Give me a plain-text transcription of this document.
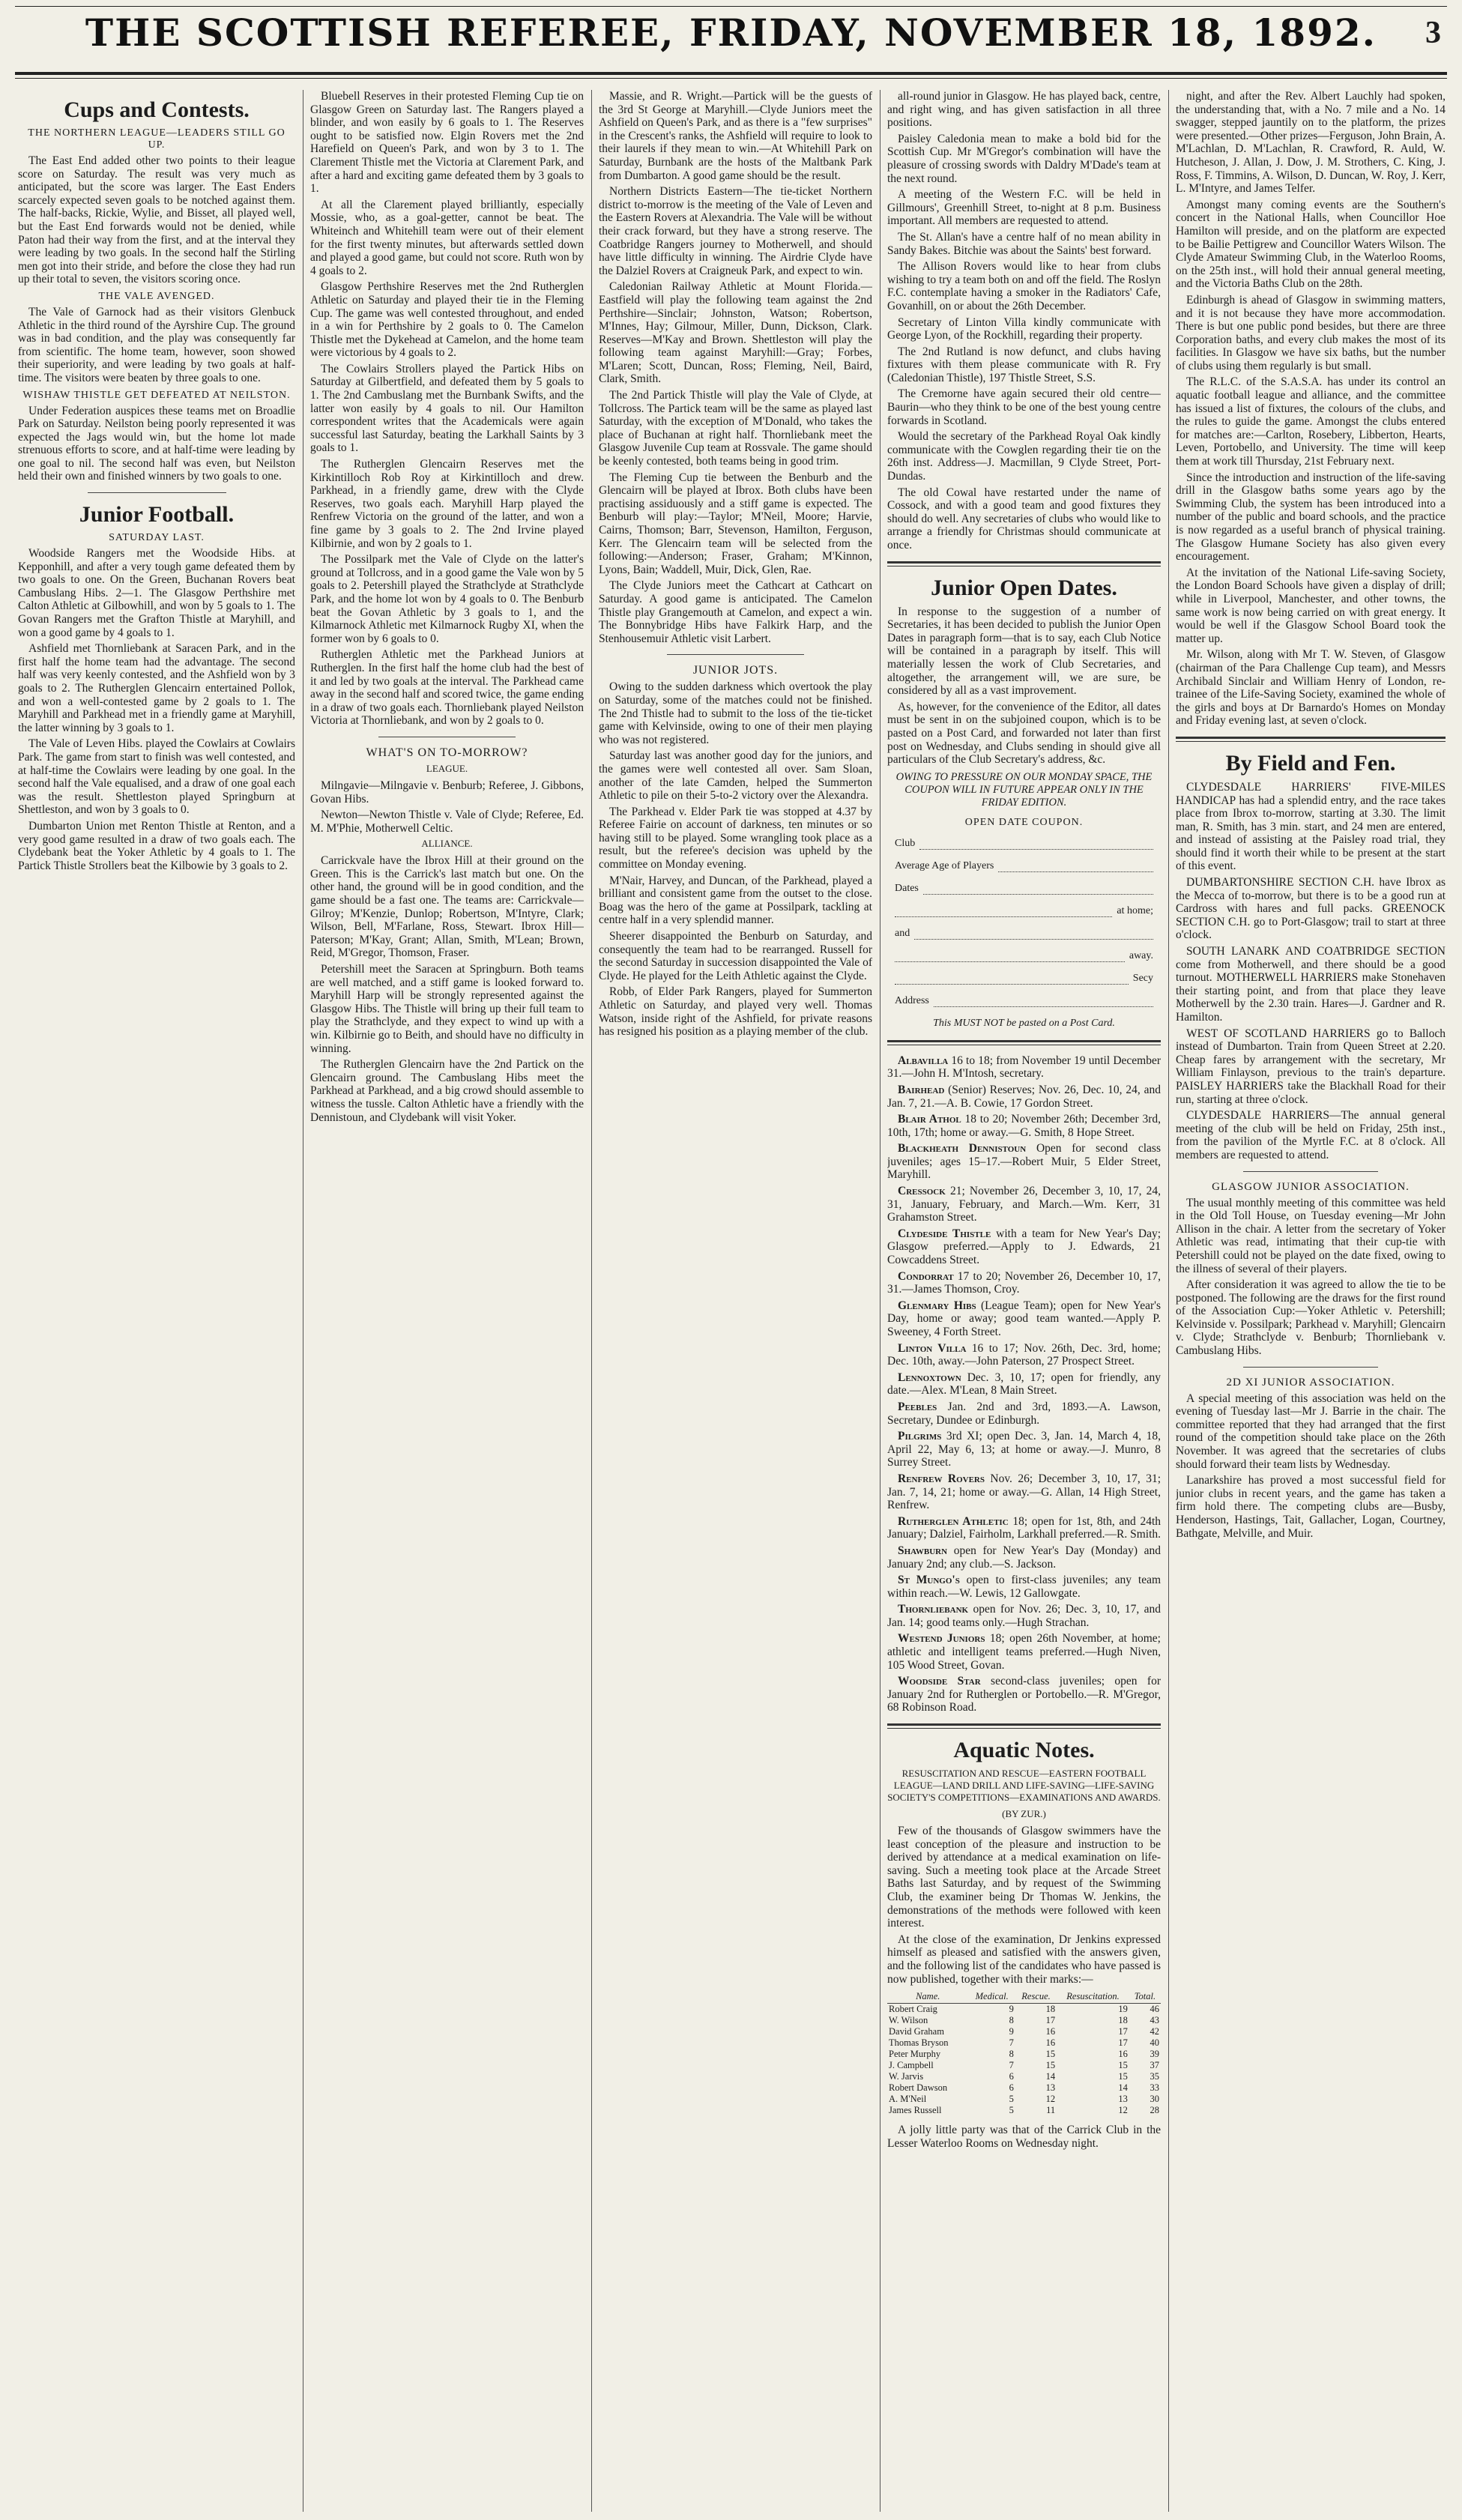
THE SCOTTISH REFEREE, FRIDAY, NOVEMBER 18, 1892.	3
Cups and Contests.
THE NORTHERN LEAGUE—LEADERS STILL GO UP.

The East End added other two points to their league score on Saturday. The result was very much as anticipated, but the score was larger. The East Enders scarcely expected seven goals to be notched against them. The half-backs, Rickie, Wylie, and Bisset, all played well, but the East End forwards would not be denied, while Paton had their way from the first, and at the interval they were leading by two goals. In the second half the Stirling men got into their stride, and before the close they had run up their total to seven, the visitors scoring once.

THE VALE AVENGED.

The Vale of Garnock had as their visitors Glenbuck Athletic in the third round of the Ayrshire Cup. The ground was in bad condition, and the play was consequently far from scientific. The home team, however, soon showed their superiority, and were leading by two goals at half-time. The visitors were beaten by three goals to one.

WISHAW THISTLE GET DEFEATED AT NEILSTON.

Under Federation auspices these teams met on Broadlie Park on Saturday. Neilston being poorly represented it was expected the Jags would win, but the home lot made strenuous efforts to score, and at half-time were leading by one goal to nil. The second half was even, but Neilston held their own and finished winners by two goals to one.

Junior Football.
SATURDAY LAST.

Woodside Rangers met the Woodside Hibs. at Kepponhill, and after a very tough game defeated them by two goals to one. On the Green, Buchanan Rovers beat Cambuslang Hibs. 2—1. The Glasgow Perthshire met Calton Athletic at Gilbowhill, and won by 5 goals to 1. The Govan Rangers met the Grafton Thistle at Maryhill, and won a good game by 4 goals to 1.

Ashfield met Thornliebank at Saracen Park, and in the first half the home team had the advantage. The second half was very keenly contested, and the Ashfield won by 3 goals to 2. The Rutherglen Glencairn entertained Pollok, and won a well-contested game by 2 goals to 1. The Maryhill and Parkhead met in a friendly game at Maryhill, the latter winning by 3 goals to 1.

The Vale of Leven Hibs. played the Cowlairs at Cowlairs Park. The game from start to finish was well contested, and at half-time the Cowlairs were leading by one goal. In the second half the Vale equalised, and a draw of one goal each was the result. Shettleston played Springburn at Shettleston, and won by 3 goals to 0.

Dumbarton Union met Renton Thistle at Renton, and a very good game resulted in a draw of two goals each. The Clydebank beat the Yoker Athletic by 4 goals to 1. The Partick Thistle Strollers beat the Kilbowie by 3 goals to 2.

Bluebell Reserves in their protested Fleming Cup tie on Glasgow Green on Saturday last. The Rangers played a blinder, and won easily by 6 goals to 1. The Reserves ought to be satisfied now. Elgin Rovers met the 2nd Harefield on Queen's Park, and won by 3 to 1. The Clarement Thistle met the Victoria at Clarement Park, and after a hard and exciting game defeated them by 3 goals to 1.

At all the Clarement played brilliantly, especially Mossie, who, as a goal-getter, cannot be beat. The Whiteinch and Whitehill team were out of their element for the first twenty minutes, but afterwards settled down and played a good game, but could not score. Ruth won by 4 goals to 2.

Glasgow Perthshire Reserves met the 2nd Rutherglen Athletic on Saturday and played their tie in the Fleming Cup. The game was well contested throughout, and ended in a win for Perthshire by 2 goals to 0. The Camelon Thistle met the Dykehead at Camelon, and the home team were victorious by 4 goals to 2.

The Cowlairs Strollers played the Partick Hibs on Saturday at Gilbertfield, and defeated them by 5 goals to 1. The 2nd Cambuslang met the Burnbank Swifts, and the latter won easily by 4 goals to nil. Our Hamilton correspondent writes that the Academicals were again successful last Saturday, beating the Larkhall Saints by 3 goals to 1.

The Rutherglen Glencairn Reserves met the Kirkintilloch Rob Roy at Kirkintilloch and drew. Parkhead, in a friendly game, drew with the Clyde Reserves, two goals each. Maryhill Harp played the Renfrew Victoria on the ground of the latter, and won a fine game by 3 goals to 2. The 2nd Irvine played Kilbirnie, and won by 2 goals to 1.

The Possilpark met the Vale of Clyde on the latter's ground at Tollcross, and in a good game the Vale won by 5 goals to 2. Petershill played the Strathclyde at Strathclyde Park, and the home lot won by 4 goals to 0. The Benburb beat the Govan Athletic by 3 goals to 1, and the Kilmarnock Athletic met Kilmarnock Rugby XI, when the former won by 6 goals to 0.

Rutherglen Athletic met the Parkhead Juniors at Rutherglen. In the first half the home club had the best of it and led by two goals at the interval. The Parkhead came away in the second half and scored twice, the game ending in a draw of two goals each. Thornliebank played Neilston Victoria at Thornliebank, and won by 2 goals to 0.

WHAT'S ON TO-MORROW?
LEAGUE.

Milngavie—Milngavie v. Benburb; Referee, J. Gibbons, Govan Hibs.

Newton—Newton Thistle v. Vale of Clyde; Referee, Ed. M. M'Phie, Motherwell Celtic.

ALLIANCE.

Carrickvale have the Ibrox Hill at their ground on the Green. This is the Carrick's last match but one. On the other hand, the ground will be in good condition, and the game should be a fast one. The teams are: Carrickvale—Gilroy; M'Kenzie, Dunlop; Robertson, M'Intyre, Clark; Wilson, Bell, M'Farlane, Ross, Stewart. Ibrox Hill—Paterson; M'Kay, Grant; Allan, Smith, M'Lean; Brown, Reid, M'Gregor, Thomson, Fraser.

Petershill meet the Saracen at Springburn. Both teams are well matched, and a stiff game is looked forward to. Maryhill Harp will be strongly represented against the Glasgow Hibs. The Thistle will bring up their full team to play the Strathclyde, and they expect to wind up with a win. Kilbirnie go to Beith, and should have no difficulty in winning.

The Rutherglen Glencairn have the 2nd Partick on the Glencairn ground. The Cambuslang Hibs meet the Parkhead at Parkhead, and a big crowd should assemble to witness the tussle. Calton Athletic have a friendly with the Dennistoun, and Clydebank will visit Yoker.

Massie, and R. Wright.—Partick will be the guests of the 3rd St George at Maryhill.—Clyde Juniors meet the Ashfield on Queen's Park, and as there is a "few surprises" in the Crescent's ranks, the Ashfield will require to look to their laurels if they mean to win.—At Whitehill Park on Saturday, Burnbank are the hosts of the Maltbank Park from Dumbarton. A good game should be the result.

Northern Districts Eastern—The tie-ticket Northern district to-morrow is the meeting of the Vale of Leven and the Eastern Rovers at Alexandria. The Vale will be without their crack forward, but they have a strong reserve. The Coatbridge Rangers journey to Motherwell, and should have little difficulty in winning. The Airdrie Clyde have the Dalziel Rovers at Craigneuk Park, and expect to win.

Caledonian Railway Athletic at Mount Florida.—Eastfield will play the following team against the 2nd Perthshire—Sinclair; Johnston, Watson; Robertson, M'Innes, Hay; Gilmour, Miller, Dunn, Dickson, Clark. Reserves—M'Kay and Brown. Shettleston will play the following team against Maryhill:—Gray; Forbes, M'Laren; Scott, Duncan, Ross; Fleming, Neil, Baird, Clark, Smith.

The 2nd Partick Thistle will play the Vale of Clyde, at Tollcross. The Partick team will be the same as played last Saturday, with the exception of M'Donald, who takes the place of Buchanan at right half. Thornliebank meet the Glasgow Juvenile Cup team at Rossvale. The game should be keenly contested, both teams being in good trim.

The Fleming Cup tie between the Benburb and the Glencairn will be played at Ibrox. Both clubs have been practising assiduously and a stiff game is expected. The Benburb will play:—Taylor; M'Neil, Moore; Harvie, Cairns, Thomson; Barr, Stevenson, Hamilton, Ferguson, Kerr. The Glencairn team will be selected from the following:—Anderson; Fraser, Graham; M'Kinnon, Lyons, Bain; Waddell, Muir, Dick, Glen, Rae.

The Clyde Juniors meet the Cathcart at Cathcart on Saturday. A good game is anticipated. The Camelon Thistle play Grangemouth at Camelon, and expect a win. The Bonnybridge Hibs have Falkirk Harp, and the Stenhousemuir Athletic visit Larbert.

JUNIOR JOTS.

Owing to the sudden darkness which overtook the play on Saturday, some of the matches could not be finished. The 2nd Thistle had to submit to the loss of the tie-ticket game with Kelvinside, owing to one of their men playing who was not registered.

Saturday last was another good day for the juniors, and the games were well contested all over. Sam Sloan, another of the late Camden, helped the Summerton Athletic to pile on their 5-to-2 victory over the Alexandra.

The Parkhead v. Elder Park tie was stopped at 4.37 by Referee Fairie on account of darkness, ten minutes or so having still to be played. Some wrangling took place as a result, but the referee's decision was upheld by the committee on Monday evening.

M'Nair, Harvey, and Duncan, of the Parkhead, played a brilliant and consistent game from the outset to the close. Boag was the hero of the game at Possilpark, tackling at centre half in a very splendid manner.

Sheerer disappointed the Benburb on Saturday, and consequently the team had to be rearranged. Russell for the second Saturday in succession disappointed the Vale of Clyde. He played for the Leith Athletic against the Clyde.

Robb, of Elder Park Rangers, played for Summerton Athletic on Saturday, and played very well. Thomas Watson, inside right of the Ashfield, for private reasons has resigned his position as a playing member of the club.

all-round junior in Glasgow. He has played back, centre, and right wing, and has given satisfaction in all three positions.

Paisley Caledonia mean to make a bold bid for the Scottish Cup. Mr M'Gregor's combination will have the pleasure of crossing swords with Daldry M'Dade's team at the next round.

A meeting of the Western F.C. will be held in Gillmours', Greenhill Street, to-night at 8 p.m. Business important. All members are requested to attend.

The St. Allan's have a centre half of no mean ability in Sandy Bakes. Bitchie was about the Saints' best forward.

The Allison Rovers would like to hear from clubs wishing to try a team both on and off the field. The Roslyn F.C. contemplate having a smoker in the Radiators' Cafe, Govanhill, on or about the 26th December.

Secretary of Linton Villa kindly communicate with George Lyon, of the Rockhill, regarding their property.

The 2nd Rutland is now defunct, and clubs having fixtures with them please communicate with R. Fry (Caledonian Thistle), 197 Thistle Street, S.S.

The Cremorne have again secured their old centre—Baurin—who they think to be one of the best young centre forwards in Scotland.

Would the secretary of the Parkhead Royal Oak kindly communicate with the Cowglen regarding their tie on the 26th inst. Address—J. Macmillan, 9 Clyde Street, Port-Dundas.

The old Cowal have restarted under the name of Cossock, and with a good team and good fixtures they should do well. Any secretaries of clubs who would like to arrange a friendly for Christmas should communicate at once.

Junior Open Dates.

In response to the suggestion of a number of Secretaries, it has been decided to publish the Junior Open Dates in paragraph form—that is to say, each Club Notice will be contained in a paragraph by itself. This will materially lessen the work of Club Secretaries, and altogether, the arrangement will, we are sure, be considered by all as a vast improvement.

As, however, for the convenience of the Editor, all dates must be sent in on the subjoined coupon, which is to be pasted on a Post Card, and forwarded not later than first post on Wednesday, and Clubs sending in should give all particulars of the Club Secretary's address, &c.

OWING TO PRESSURE ON OUR MONDAY SPACE, THE COUPON WILL IN FUTURE APPEAR ONLY IN THE FRIDAY EDITION.
OPEN DATE COUPON.
Club
Average Age of Players
Dates
at home;
and
away.
Secy
Address
This MUST NOT be pasted on a Post Card.

Albavilla 16 to 18; from November 19 until December 31.—John H. M'Intosh, secretary.

Bairhead (Senior) Reserves; Nov. 26, Dec. 10, 24, and Jan. 7, 21.—A. B. Cowie, 17 Gordon Street.

Blair Athol 18 to 20; November 26th; December 3rd, 10th, 17th; home or away.—G. Smith, 8 Hope Street.

Blackheath Dennistoun Open for second class juveniles; ages 15–17.—Robert Muir, 5 Elder Street, Maryhill.

Cressock 21; November 26, December 3, 10, 17, 24, 31, January, February, and March.—Wm. Kerr, 31 Grahamston Street.

Clydeside Thistle with a team for New Year's Day; Glasgow preferred.—Apply to J. Edwards, 21 Cowcaddens Street.

Condorrat 17 to 20; November 26, December 10, 17, 31.—James Thomson, Croy.

Glenmary Hibs (League Team); open for New Year's Day, home or away; good team wanted.—Apply P. Sweeney, 4 Forth Street.

Linton Villa 16 to 17; Nov. 26th, Dec. 3rd, home; Dec. 10th, away.—John Paterson, 27 Prospect Street.

Lennoxtown Dec. 3, 10, 17; open for friendly, any date.—Alex. M'Lean, 8 Main Street.

Peebles Jan. 2nd and 3rd, 1893.—A. Lawson, Secretary, Dundee or Edinburgh.

Pilgrims 3rd XI; open Dec. 3, Jan. 14, March 4, 18, April 22, May 6, 13; at home or away.—J. Munro, 8 Surrey Street.

Renfrew Rovers Nov. 26; December 3, 10, 17, 31; Jan. 7, 14, 21; home or away.—G. Allan, 14 High Street, Renfrew.

Rutherglen Athletic 18; open for 1st, 8th, and 24th January; Dalziel, Fairholm, Larkhall preferred.—R. Smith.

Shawburn open for New Year's Day (Monday) and January 2nd; any club.—S. Jackson.

St Mungo's open to first-class juveniles; any team within reach.—W. Lewis, 12 Gallowgate.

Thornliebank open for Nov. 26; Dec. 3, 10, 17, and Jan. 14; good teams only.—Hugh Strachan.

Westend Juniors 18; open 26th November, at home; athletic and intelligent teams preferred.—Hugh Niven, 105 Wood Street, Govan.

Woodside Star second-class juveniles; open for January 2nd for Rutherglen or Portobello.—R. M'Gregor, 68 Robinson Road.

Aquatic Notes.
RESUSCITATION AND RESCUE—EASTERN FOOTBALL LEAGUE—LAND DRILL AND LIFE-SAVING—LIFE-SAVING SOCIETY'S COMPETITIONS—EXAMINATIONS AND AWARDS.
(BY ZUR.)

Few of the thousands of Glasgow swimmers have the least conception of the pleasure and instruction to be derived by attendance at a medical examination on life-saving. Such a meeting took place at the Arcade Street Baths last Saturday, and by request of the Swimming Club, the examiner being Dr Thomas W. Jenkins, the demonstrations of the methods were followed with keen interest.

At the close of the examination, Dr Jenkins expressed himself as pleased and satisfied with the answers given, and the following list of the candidates who have passed is now published, together with their marks:—

Name.	Medical.	Rescue.	Resuscitation.	Total.
Robert Craig	9	18	19	46
W. Wilson	8	17	18	43
David Graham	9	16	17	42
Thomas Bryson	7	16	17	40
Peter Murphy	8	15	16	39
J. Campbell	7	15	15	37
W. Jarvis	6	14	15	35
Robert Dawson	6	13	14	33
A. M'Neil	5	12	13	30
James Russell	5	11	12	28

A jolly little party was that of the Carrick Club in the Lesser Waterloo Rooms on Wednesday night.

night, and after the Rev. Albert Lauchly had spoken, the understanding that, with a No. 7 mile and a No. 14 swagger, stepped jauntily on to the platform, the prizes were presented.—Other prizes—Ferguson, John Brain, A. M'Lachlan, D. M'Lachlan, R. Crawford, R. Auld, W. Hutcheson, J. Allan, J. Dow, J. M. Strothers, C. King, J. Ross, F. Timmins, A. Wilson, D. Duncan, W. Roy, J. Kerr, L. M'Intyre, and James Telfer.

Amongst many coming events are the Southern's concert in the National Halls, when Councillor Hoe Hamilton will preside, and on the platform are expected to be Bailie Pettigrew and Councillor Waters Wilson. The Clyde Amateur Swimming Club, in the Waterloo Rooms, on the 25th inst., will hold their annual general meeting, and the Victoria Baths Club on the 28th.

Edinburgh is ahead of Glasgow in swimming matters, and it is not because they have more accommodation. There is but one public pond besides, but there are three Corporation baths, and every club makes the most of its facilities. In Glasgow we have six baths, but the number of clubs using them regularly is but small.

The R.L.C. of the S.A.S.A. has under its control an aquatic football league and alliance, and the committee has issued a list of fixtures, the colours of the clubs, and the rules to guide the game. Amongst the clubs entered for matches are:—Carlton, Rosebery, Libberton, Hearts, Leven, Portobello, and University. The time will keep them at work till Thursday, 21st February next.

Since the introduction and instruction of the life-saving drill in the Glasgow baths some years ago by the Swimming Club, the system has been introduced into a number of the public and board schools, and the practice is now regarded as a useful branch of physical training. The Glasgow Humane Society has also given every encouragement.

At the invitation of the National Life-saving Society, the London Board Schools have given a display of drill; while in Liverpool, Manchester, and other towns, the same work is now being carried on with great energy. It would be well if the Glasgow School Board took the matter up.

Mr. Wilson, along with Mr T. W. Steven, of Glasgow (chairman of the Para Challenge Cup team), and Messrs Archibald Sinclair and William Henry of London, re-trainee of the Life-Saving Society, examined the whole of the girls and boys at Dr Barnardo's Homes on Monday and Friday evening last, at seven o'clock.

By Field and Fen.

CLYDESDALE HARRIERS' FIVE-MILES HANDICAP has had a splendid entry, and the race takes place from Ibrox to-morrow, starting at 3.30. The limit man, R. Smith, has 3 min. start, and 24 men are entered, and instead of assisting at the Paisley road trial, they should find it worth their while to be present at the start of this event.

DUMBARTONSHIRE SECTION C.H. have Ibrox as the Mecca of to-morrow, but there is to be a good run at Cardross with hares and full packs. GREENOCK SECTION C.H. go to Port-Glasgow; trail to start at three o'clock.

SOUTH LANARK AND COATBRIDGE SECTION come from Motherwell, and there should be a good turnout. MOTHERWELL HARRIERS make Stonehaven their starting point, and from that place they leave Motherwell by the 2.30 train. Hares—J. Gardner and R. Hamilton.

WEST OF SCOTLAND HARRIERS go to Balloch instead of Dumbarton. Train from Queen Street at 2.20. Cheap fares by arrangement with the secretary, Mr William Finlayson, previous to the train's departure. PAISLEY HARRIERS take the Blackhall Road for their run, starting at three o'clock.

CLYDESDALE HARRIERS—The annual general meeting of the club will be held on Friday, 25th inst., from the pavilion of the Myrtle F.C. at 8 o'clock. All members are requested to attend.

GLASGOW JUNIOR ASSOCIATION.

The usual monthly meeting of this committee was held in the Old Toll House, on Tuesday evening—Mr John Allison in the chair. A letter from the secretary of Yoker Athletic was read, intimating that their cup-tie with Petershill could not be played on the date fixed, owing to the illness of several of their players.

After consideration it was agreed to allow the tie to be postponed. The following are the draws for the first round of the Association Cup:—Yoker Athletic v. Petershill; Kelvinside v. Possilpark; Parkhead v. Maryhill; Glencairn v. Clyde; Strathclyde v. Benburb; Thornliebank v. Cambuslang Hibs.

2D XI JUNIOR ASSOCIATION.

A special meeting of this association was held on the evening of Tuesday last—Mr J. Barrie in the chair. The committee reported that they had arranged that the first round of the competition should take place on the 26th November. It was agreed that the secretaries of clubs should forward their team lists by Wednesday.

Lanarkshire has proved a most successful field for junior clubs in recent years, and the game has taken a firm hold there. The competing clubs are—Busby, Henderson, Hastings, Tait, Gallacher, Logan, Courtney, Bathgate, Melville, and Muir.
